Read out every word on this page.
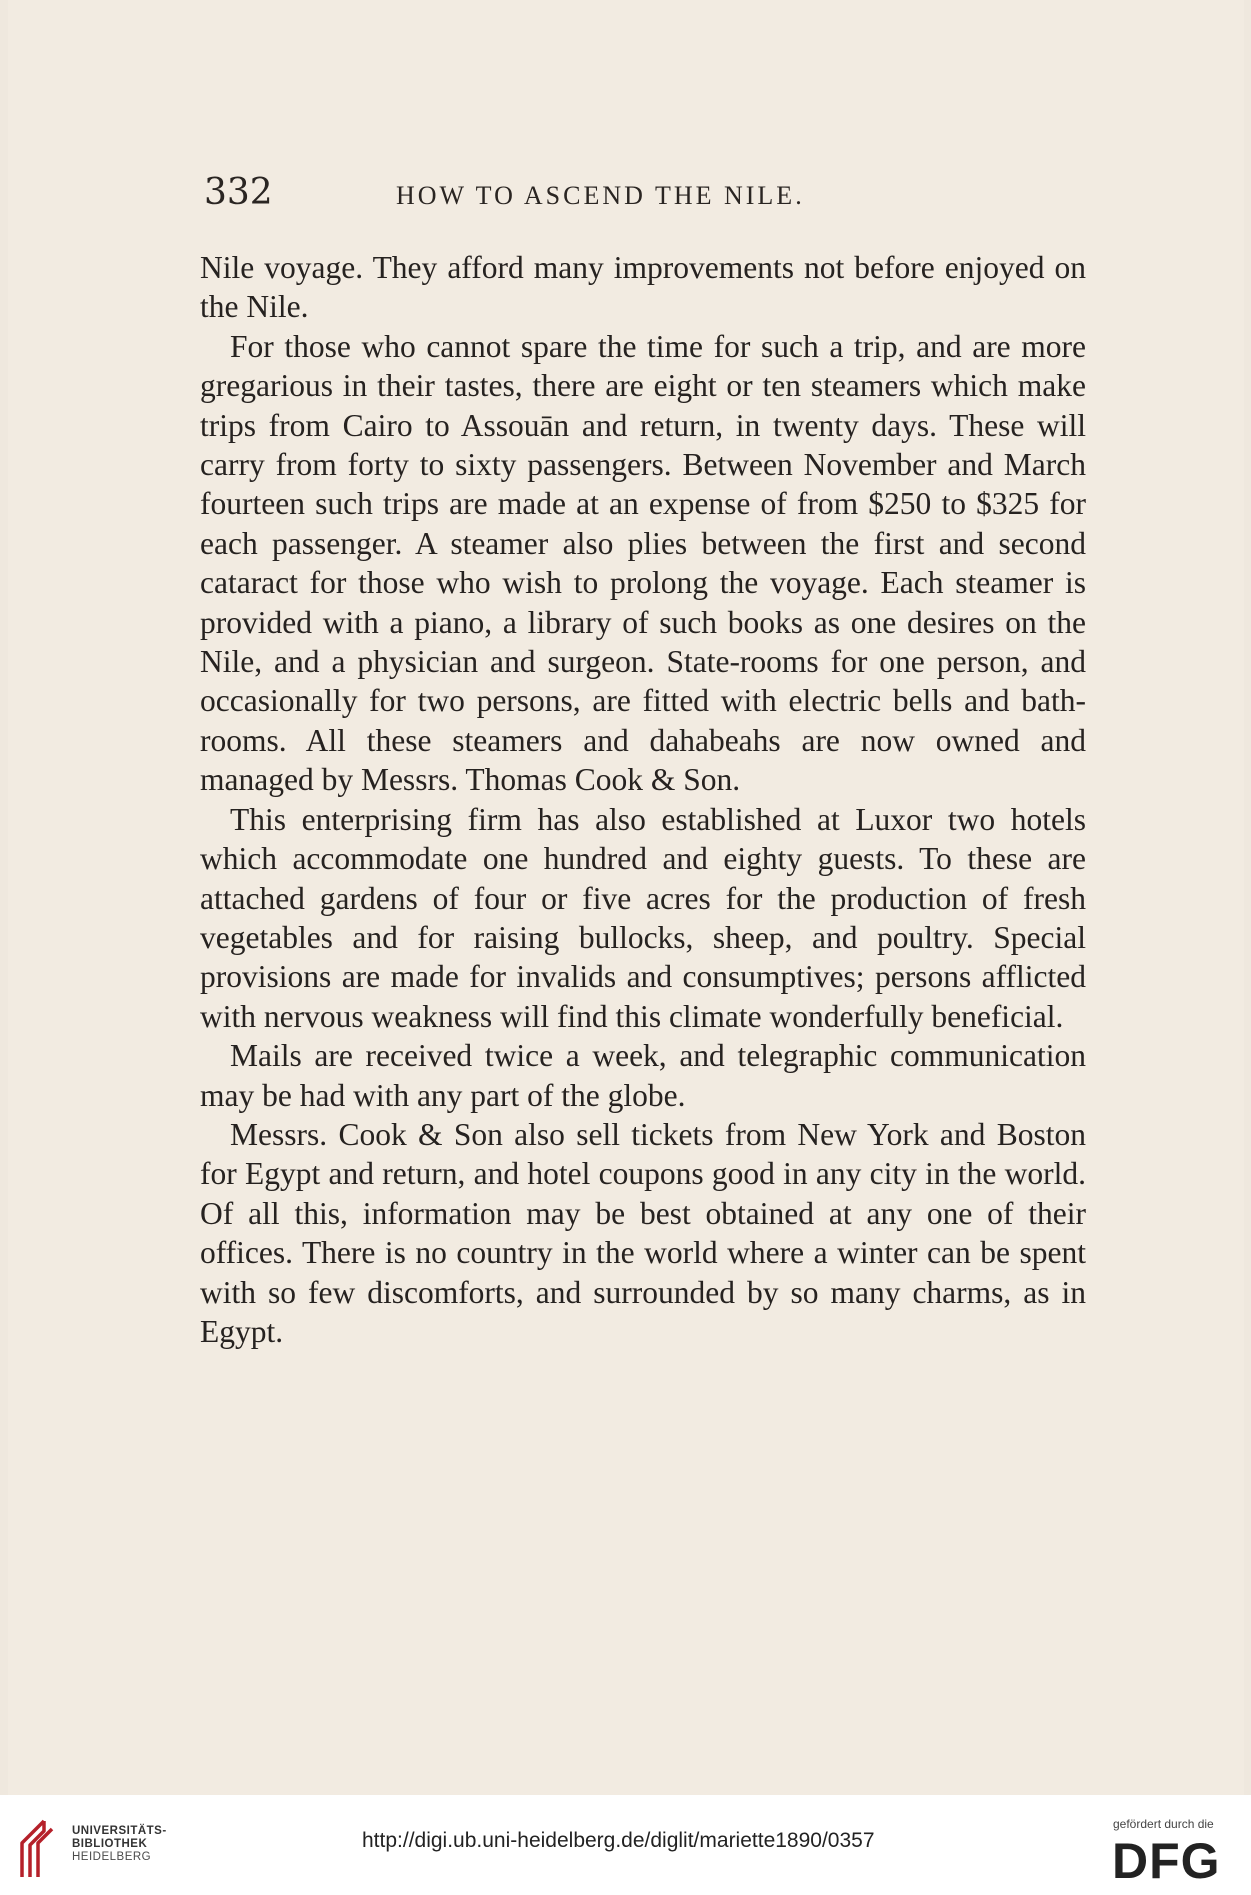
332	HOW TO ASCEND THE NILE.

Nile voyage. They afford many improvements not before enjoyed on the Nile.

For those who cannot spare the time for such a trip, and are more gregarious in their tastes, there are eight or ten steamers which make trips from Cairo to Assouān and return, in twenty days. These will carry from forty to sixty passengers. Between November and March fourteen such trips are made at an expense of from $250 to $325 for each passenger. A steamer also plies between the first and second cataract for those who wish to prolong the voyage. Each steamer is provided with a piano, a library of such books as one desires on the Nile, and a physician and surgeon. State-rooms for one person, and occasionally for two persons, are fitted with electric bells and bath-rooms. All these steamers and dahabeahs are now owned and managed by Messrs. Thomas Cook & Son.

This enterprising firm has also established at Luxor two hotels which accommodate one hundred and eighty guests. To these are attached gardens of four or five acres for the production of fresh vegetables and for raising bullocks, sheep, and poultry. Special provisions are made for invalids and consumptives; persons afflicted with nervous weakness will find this climate wonderfully beneficial.

Mails are received twice a week, and telegraphic communication may be had with any part of the globe.

Messrs. Cook & Son also sell tickets from New York and Boston for Egypt and return, and hotel coupons good in any city in the world. Of all this, information may be best obtained at any one of their offices. There is no country in the world where a winter can be spent with so few discomforts, and surrounded by so many charms, as in Egypt.

UNIVERSITÄTS-
BIBLIOTHEK
HEIDELBERG
http://digi.ub.uni-heidelberg.de/diglit/mariette1890/0357
gefördert durch die
DFG
